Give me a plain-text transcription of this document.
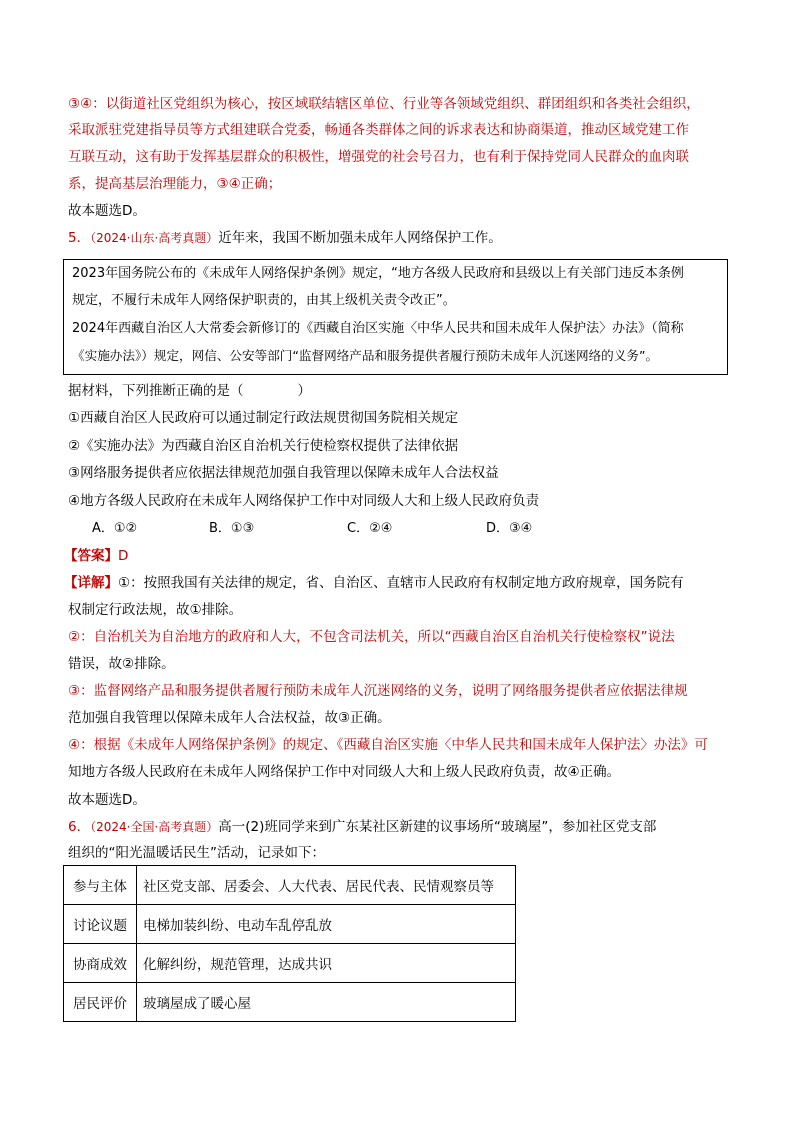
③④：以街道社区党组织为核心，按区域联结辖区单位、行业等各领域党组织、群团组织和各类社会组织，
采取派驻党建指导员等方式组建联合党委，畅通各类群体之间的诉求表达和协商渠道，推动区域党建工作
互联互动，这有助于发挥基层群众的积极性，增强党的社会号召力，也有利于保持党同人民群众的血肉联
系，提高基层治理能力，③④正确；
故本题选D。
5．（2024·山东·高考真题）近年来，我国不断加强未成年人网络保护工作。
2023年国务院公布的《未成年人网络保护条例》规定，“地方各级人民政府和县级以上有关部门违反本条例
规定，不履行未成年人网络保护职责的，由其上级机关责令改正”。
2024年西藏自治区人大常委会新修订的《西藏自治区实施〈中华人民共和国未成年人保护法〉办法》（简称
《实施办法》）规定，网信、公安等部门“监督网络产品和服务提供者履行预防未成年人沉迷网络的义务”。
据材料，下列推断正确的是（　　　　）
①西藏自治区人民政府可以通过制定行政法规贯彻国务院相关规定
②《实施办法》为西藏自治区自治机关行使检察权提供了法律依据
③网络服务提供者应依据法律规范加强自我管理以保障未成年人合法权益
④地方各级人民政府在未成年人网络保护工作中对同级人大和上级人民政府负责
A．①②	B．①③	C．②④	D．③④
【答案】D
【详解】①：按照我国有关法律的规定，省、自治区、直辖市人民政府有权制定地方政府规章，国务院有
权制定行政法规，故①排除。
②：自治机关为自治地方的政府和人大，不包含司法机关，所以“西藏自治区自治机关行使检察权”说法
错误，故②排除。
③：监督网络产品和服务提供者履行预防未成年人沉迷网络的义务，说明了网络服务提供者应依据法律规
范加强自我管理以保障未成年人合法权益，故③正确。
④：根据《未成年人网络保护条例》的规定、《西藏自治区实施〈中华人民共和国未成年人保护法〉办法》可
知地方各级人民政府在未成年人网络保护工作中对同级人大和上级人民政府负责，故④正确。
故本题选D。
6．（2024·全国·高考真题）高一(2)班同学来到广东某社区新建的议事场所“玻璃屋”，参加社区党支部
组织的“阳光温暖话民生”活动，记录如下：
参与主体	社区党支部、居委会、人大代表、居民代表、民情观察员等
讨论议题	电梯加装纠纷、电动车乱停乱放
协商成效	化解纠纷，规范管理，达成共识
居民评价	玻璃屋成了暖心屋
